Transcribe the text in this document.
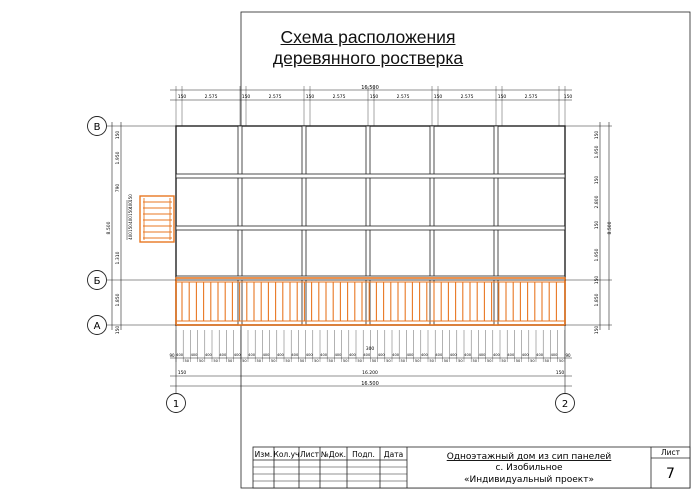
Схема расположения
деревянного ростверка
В
Б
А
1	2
16.500
150	2.575	150	2.575	150	2.575	150	2.575	150	2.575	150	2.575	150
90	90
400
50
400
50
400
50
400
50
400
50
400
50
400
50
400
50
400
50
400
50
400
50
400
50
400
50
400
50
400
50
400
50
400
50
400
50
400
50
400
50
400
50
400
50
400
50
400
50
400
50
400
50
400
50
300
150	16.200	150
16.500
150
1.950
790
1.310
1.850
150
8.500
150
400
150
400
150
400
150
1.950
150
2.800
150
1.950
150
1.850
150
8.500
Изм. Кол.уч Лист №Док. Подп. Дата	Одноэтажный дом из сип панелей
с. Изобильное
«Индивидуальный проект»
Лист
7
